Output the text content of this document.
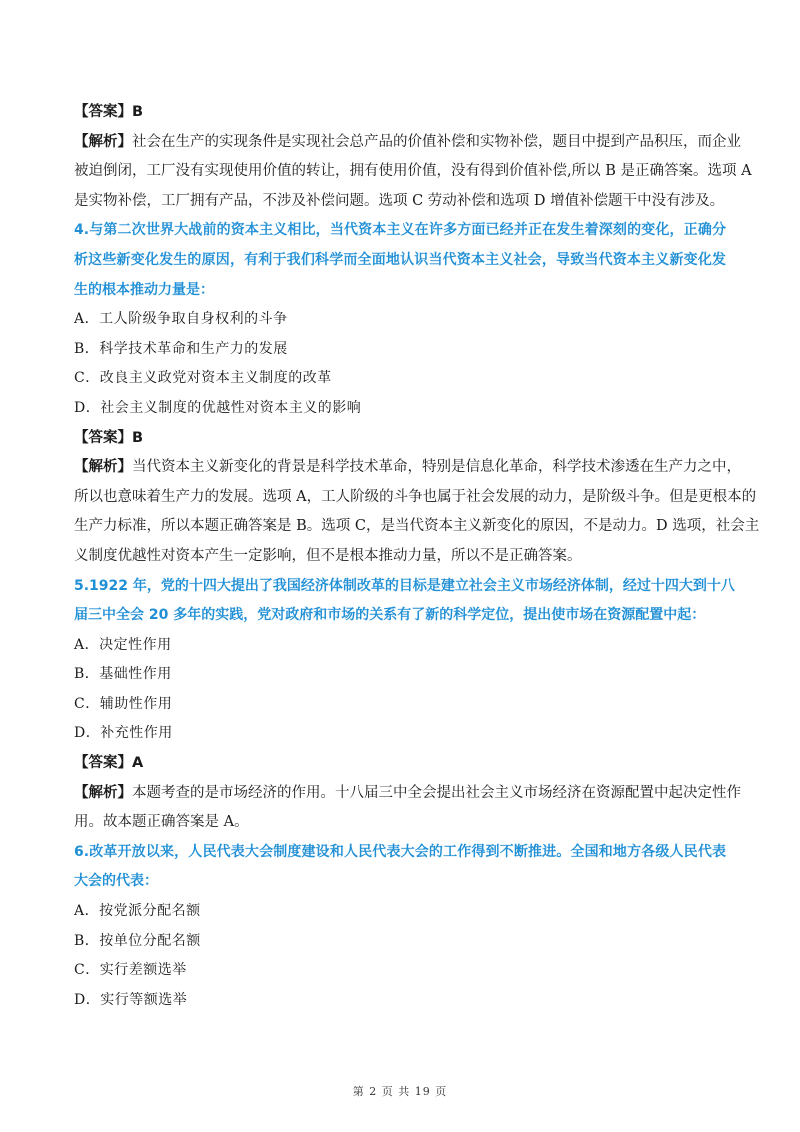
【答案】B
【解析】社会在生产的实现条件是实现社会总产品的价值补偿和实物补偿，题目中提到产品积压，而企业
被迫倒闭，工厂没有实现使用价值的转让，拥有使用价值，没有得到价值补偿,所以 B 是正确答案。选项 A
是实物补偿，工厂拥有产品，不涉及补偿问题。选项 C 劳动补偿和选项 D 增值补偿题干中没有涉及。
4.与第二次世界大战前的资本主义相比，当代资本主义在许多方面已经并正在发生着深刻的变化，正确分
析这些新变化发生的原因，有利于我们科学而全面地认识当代资本主义社会，导致当代资本主义新变化发
生的根本推动力量是：
A．工人阶级争取自身权利的斗争
B．科学技术革命和生产力的发展
C．改良主义政党对资本主义制度的改革
D．社会主义制度的优越性对资本主义的影响
【答案】B
【解析】当代资本主义新变化的背景是科学技术革命，特别是信息化革命，科学技术渗透在生产力之中，
所以也意味着生产力的发展。选项 A，工人阶级的斗争也属于社会发展的动力，是阶级斗争。但是更根本的
生产力标准，所以本题正确答案是 B。选项 C，是当代资本主义新变化的原因，不是动力。D 选项，社会主
义制度优越性对资本产生一定影响，但不是根本推动力量，所以不是正确答案。
5.1922 年，党的十四大提出了我国经济体制改革的目标是建立社会主义市场经济体制，经过十四大到十八
届三中全会 20 多年的实践，党对政府和市场的关系有了新的科学定位，提出使市场在资源配置中起：
A．决定性作用
B．基础性作用
C．辅助性作用
D．补充性作用
【答案】A
【解析】本题考查的是市场经济的作用。十八届三中全会提出社会主义市场经济在资源配置中起决定性作
用。故本题正确答案是 A。
6.改革开放以来，人民代表大会制度建设和人民代表大会的工作得到不断推进。全国和地方各级人民代表
大会的代表：
A．按党派分配名额
B．按单位分配名额
C．实行差额选举
D．实行等额选举
第 2 页 共 19 页
